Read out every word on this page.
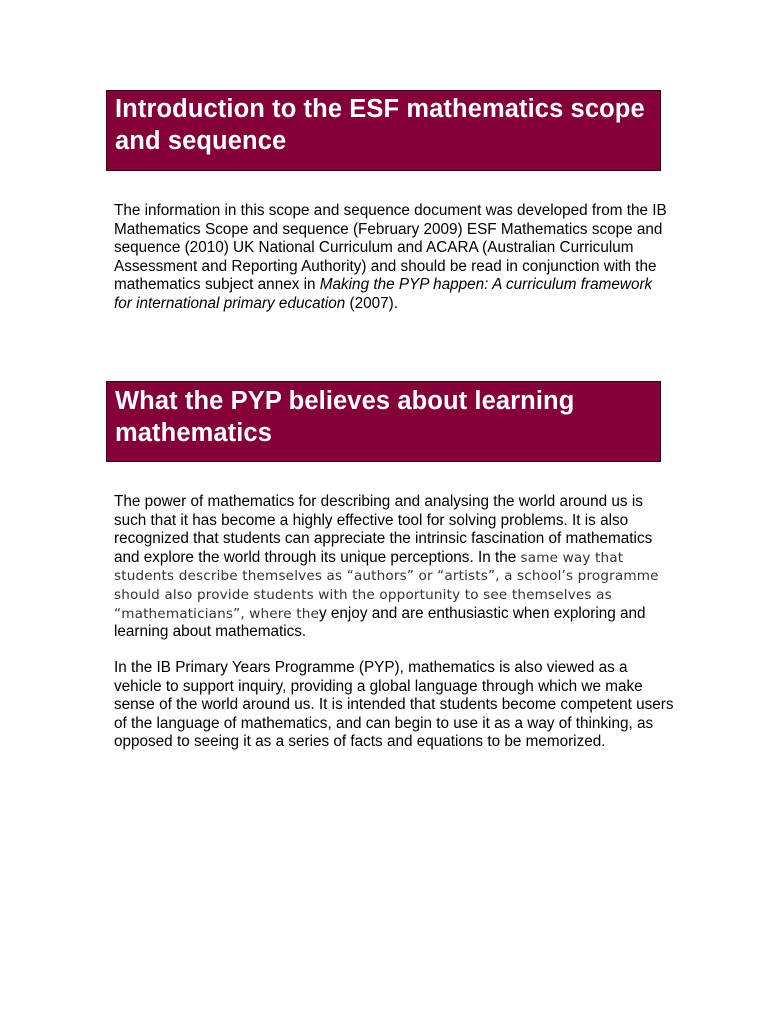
Introduction to the ESF mathematics scope and sequence

The information in this scope and sequence document was developed from the IB Mathematics Scope and sequence (February 2009) ESF Mathematics scope and sequence (2010) UK National Curriculum and ACARA (Australian Curriculum Assessment and Reporting Authority) and should be read in conjunction with the mathematics subject annex in Making the PYP happen: A curriculum framework for international primary education (2007).

What the PYP believes about learning mathematics

The power of mathematics for describing and analysing the world around us is such that it has become a highly effective tool for solving problems. It is also recognized that students can appreciate the intrinsic fascination of mathematics and explore the world through its unique perceptions. In the same way that students describe themselves as “authors” or “artists”, a school’s programme should also provide students with the opportunity to see themselves as “mathematicians”, where they enjoy and are enthusiastic when exploring and learning about mathematics.

In the IB Primary Years Programme (PYP), mathematics is also viewed as a vehicle to support inquiry, providing a global language through which we make sense of the world around us. It is intended that students become competent users of the language of mathematics, and can begin to use it as a way of thinking, as opposed to seeing it as a series of facts and equations to be memorized.
